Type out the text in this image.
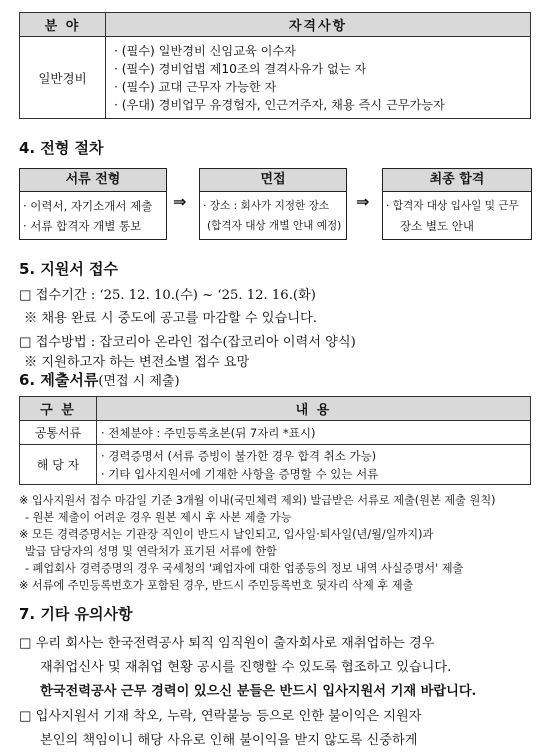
분 야	자격사항
일반경비	· (필수) 일반경비 신임교육 이수자
· (필수) 경비업법 제10조의 결격사유가 없는 자
· (필수) 교대 근무자 가능한 자
· (우대) 경비업무 유경험자, 인근거주자, 채용 즉시 근무가능자
4. 전형 절차
서류 전형
· 이력서, 자기소개서 제출
· 서류 합격자 개별 통보
⇒
면접
· 장소 : 회사가 지정한 장소
(합격자 대상 개별 안내 예정)
⇒
최종 합격
· 합격자 대상 입사일 및 근무
장소 별도 안내
5. 지원서 접수
□ 접수기간 : ‘25. 12. 10.(수) ~ ‘25. 12. 16.(화)
※ 채용 완료 시 중도에 공고를 마감할 수 있습니다.
□ 접수방법 : 잡코리아 온라인 접수(잡코리아 이력서 양식)
※ 지원하고자 하는 변전소별 접수 요망
6. 제출서류(면접 시 제출)
구 분	내 용
공통서류	· 전체분야 : 주민등록초본(뒤 7자리 *표시)

해 당 자	· 경력증명서 (서류 증빙이 불가한 경우 합격 취소 가능)
· 기타 입사지원서에 기재한 사항을 증명할 수 있는 서류
※ 입사지원서 접수 마감일 기준 3개월 이내(국민체력 제외) 발급받은 서류로 제출(원본 제출 원칙)
- 원본 제출이 어려운 경우 원본 제시 후 사본 제출 가능
※ 모든 경력증명서는 기관장 직인이 반드시 날인되고, 입사일·퇴사일(년/월/일까지)과
발급 담당자의 성명 및 연락처가 표기된 서류에 한함
- 폐업회사 경력증명의 경우 국세청의 '폐업자에 대한 업종등의 정보 내역 사실증명서' 제출
※ 서류에 주민등록번호가 포함된 경우, 반드시 주민등록번호 뒷자리 삭제 후 제출
7. 기타 유의사항
□ 우리 회사는 한국전력공사 퇴직 임직원이 출자회사로 재취업하는 경우
재취업신사 및 재취업 현황 공시를 진행할 수 있도록 협조하고 있습니다.
한국전력공사 근무 경력이 있으신 분들은 반드시 입사지원서 기재 바랍니다.
□ 입사지원서 기재 착오, 누락, 연락불능 등으로 인한 불이익은 지원자
본인의 책임이니 해당 사유로 인해 불이익을 받지 않도록 신중하게
